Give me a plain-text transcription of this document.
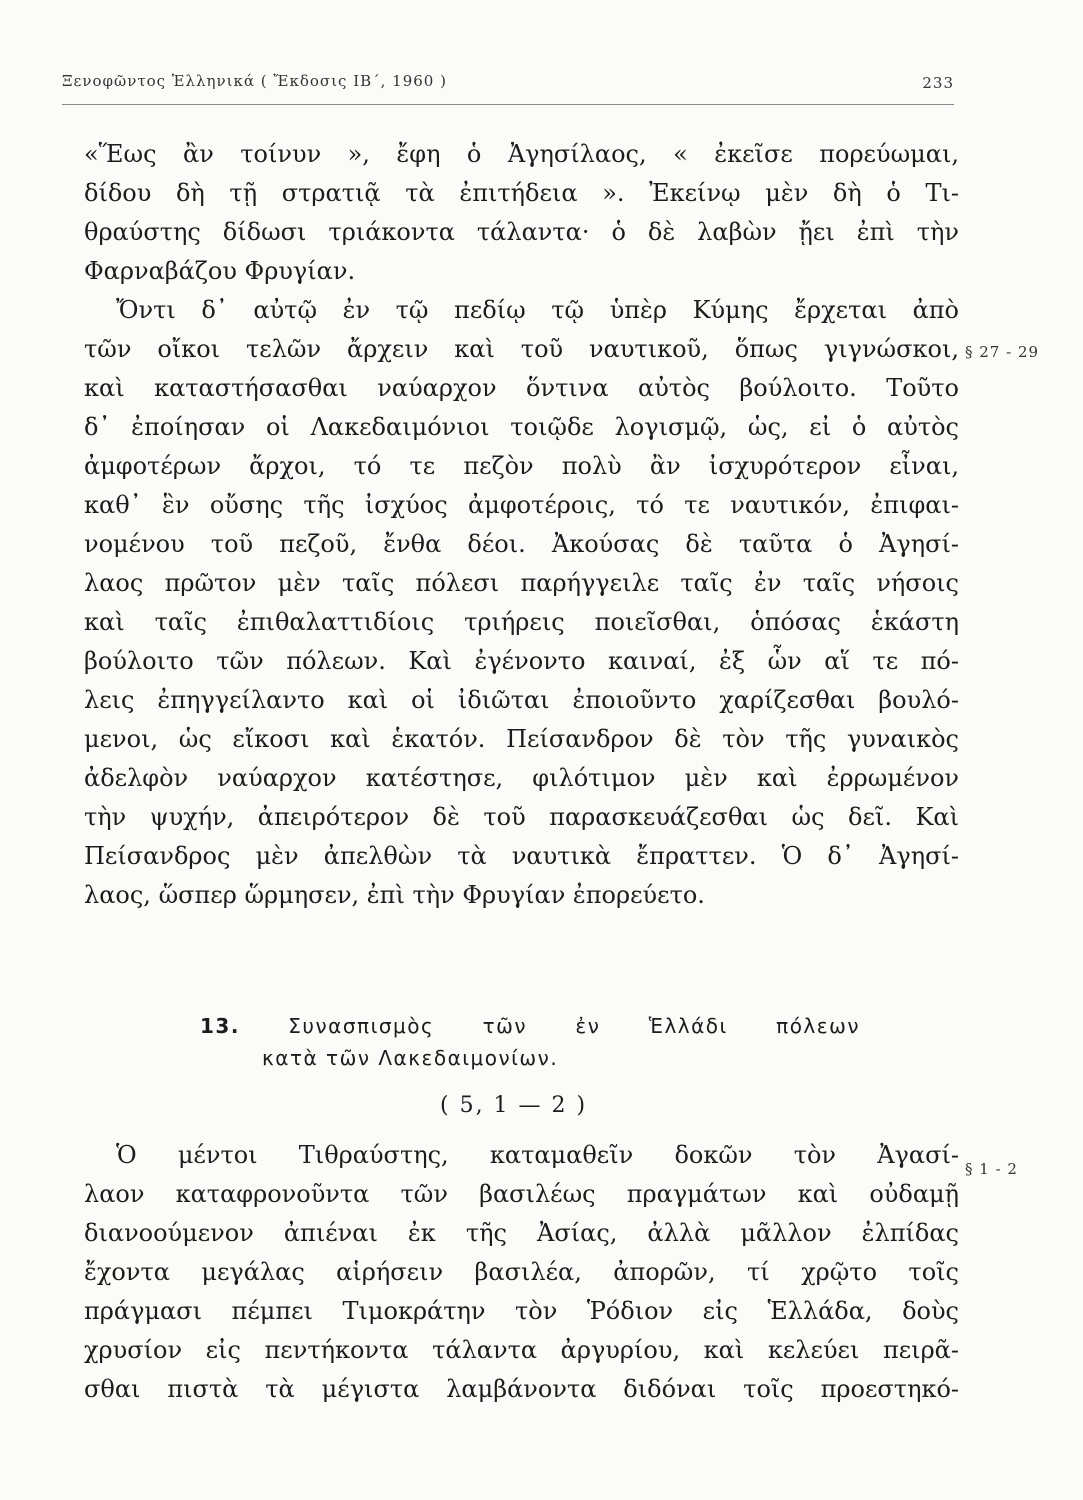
Ξενοφῶντος Ἑλληνικά ( Ἔκδοσις ΙΒ΄, 1960 )	233
«Ἕως ἂν τοίνυν », ἔφη ὁ Ἀγησίλαος, « ἐκεῖσε πορεύωμαι,
δίδου δὴ τῇ στρατιᾷ τὰ ἐπιτήδεια ». Ἐκείνῳ μὲν δὴ ὁ Τι-
θραύστης δίδωσι τριάκοντα τάλαντα· ὁ δὲ λαβὼν ᾔει ἐπὶ τὴν
Φαρναβάζου Φρυγίαν.
Ὄντι δ᾽ αὐτῷ ἐν τῷ πεδίῳ τῷ ὑπὲρ Κύμης ἔρχεται ἀπὸ
τῶν οἴκοι τελῶν ἄρχειν καὶ τοῦ ναυτικοῦ, ὅπως γιγνώσκοι,
καὶ καταστήσασθαι ναύαρχον ὅντινα αὐτὸς βούλοιτο. Τοῦτο
δ᾽ ἐποίησαν οἱ Λακεδαιμόνιοι τοιῷδε λογισμῷ, ὡς, εἰ ὁ αὐτὸς
ἀμφοτέρων ἄρχοι, τό τε πεζὸν πολὺ ἂν ἰσχυρότερον εἶναι,
καθ᾽ ἓν οὔσης τῆς ἰσχύος ἀμφοτέροις, τό τε ναυτικόν, ἐπιφαι-
νομένου τοῦ πεζοῦ, ἔνθα δέοι. Ἀκούσας δὲ ταῦτα ὁ Ἀγησί-
λαος πρῶτον μὲν ταῖς πόλεσι παρήγγειλε ταῖς ἐν ταῖς νήσοις
καὶ ταῖς ἐπιθαλαττιδίοις τριήρεις ποιεῖσθαι, ὁπόσας ἑκάστη
βούλοιτο τῶν πόλεων. Καὶ ἐγένοντο καιναί, ἐξ ὧν αἵ τε πό-
λεις ἐπηγγείλαντο καὶ οἱ ἰδιῶται ἐποιοῦντο χαρίζεσθαι βουλό-
μενοι, ὡς εἴκοσι καὶ ἑκατόν. Πείσανδρον δὲ τὸν τῆς γυναικὸς
ἀδελφὸν ναύαρχον κατέστησε, φιλότιμον μὲν καὶ ἐρρωμένον
τὴν ψυχήν, ἀπειρότερον δὲ τοῦ παρασκευάζεσθαι ὡς δεῖ. Καὶ
Πείσανδρος μὲν ἀπελθὼν τὰ ναυτικὰ ἔπραττεν. Ὁ δ᾽ Ἀγησί-
λαος, ὥσπερ ὥρμησεν, ἐπὶ τὴν Φρυγίαν ἐπορεύετο.
§ 27 - 29
13. Συνασπισμὸς τῶν ἐν Ἑλλάδι πόλεων
κατὰ τῶν Λακεδαιμονίων.
( 5, 1 — 2 )
§ 1 - 2
Ὁ μέντοι Τιθραύστης, καταμαθεῖν δοκῶν τὸν Ἀγασί-
λαον καταφρονοῦντα τῶν βασιλέως πραγμάτων καὶ οὐδαμῇ
διανοούμενον ἀπιέναι ἐκ τῆς Ἀσίας, ἀλλὰ μᾶλλον ἐλπίδας
ἔχοντα μεγάλας αἱρήσειν βασιλέα, ἀπορῶν, τί χρῷτο τοῖς
πράγμασι πέμπει Τιμοκράτην τὸν Ῥόδιον εἰς Ἑλλάδα, δοὺς
χρυσίον εἰς πεντήκοντα τάλαντα ἀργυρίου, καὶ κελεύει πειρᾶ-
σθαι πιστὰ τὰ μέγιστα λαμβάνοντα διδόναι τοῖς προεστηκό-
